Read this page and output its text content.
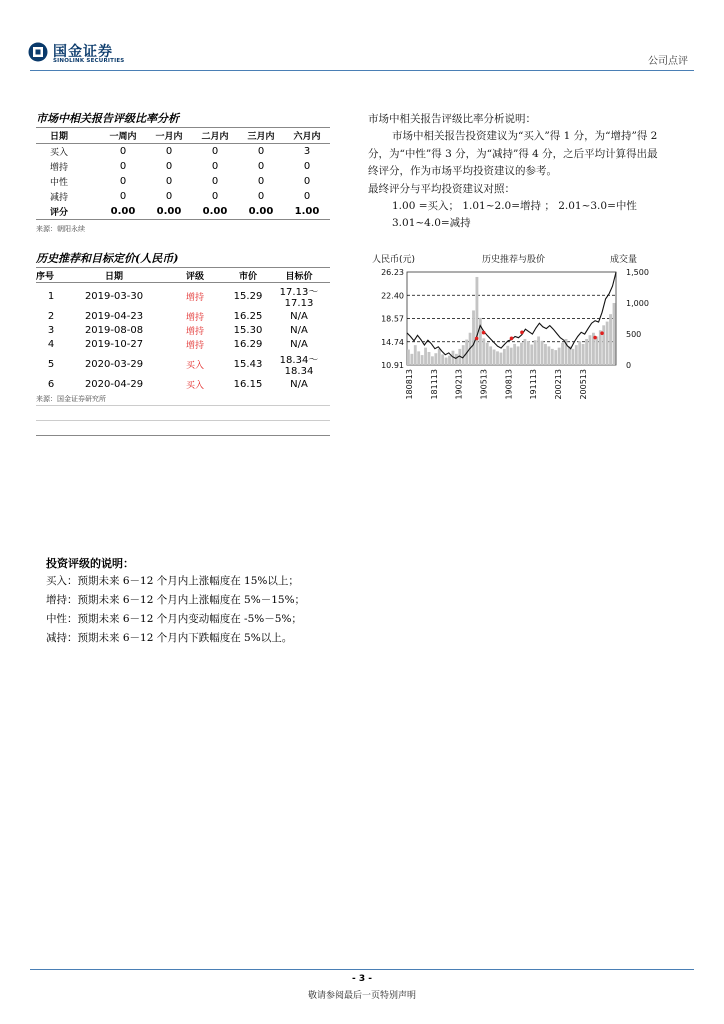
国金证券
SINOLINK SECURITIES	公司点评
市场中相关报告评级比率分析
日期	一周内	一月内	二月内	三月内	六月内
买入	0	0	0	0	3
增持	0	0	0	0	0
中性	0	0	0	0	0
减持	0	0	0	0	0
评分	0.00	0.00	0.00	0.00	1.00
来源：朝阳永续
历史推荐和目标定价(人民币)
序号	日期	评级	市价	目标价
1	2019-03-30	增持	15.29	17.13～17.13
2	2019-04-23	增持	16.25	N/A
3	2019-08-08	增持	15.30	N/A
4	2019-10-27	增持	16.29	N/A
5	2020-03-29	买入	15.43	18.34～18.34
6	2020-04-29	买入	16.15	N/A

来源：国金证券研究所

市场中相关报告评级比率分析说明：

市场中相关报告投资建议为“买入”得 1 分，为“增持”得 2 分，为“中性”得 3 分，为“减持”得 4 分，之后平均计算得出最终评分，作为市场平均投资建议的参考。

最终评分与平均投资建议对照：

1.00 =买入； 1.01~2.0=增持 ； 2.01~3.0=中性

3.01~4.0=减持

人民币(元)	历史推荐与股价	成交量
26.23
22.40
18.57
14.74
10.91
1,500
1,000
500
0
180813 181113 190213 190513 190813 191113 200213 200513
投资评级的说明：
买入：预期未来 6－12 个月内上涨幅度在 15%以上；
增持：预期未来 6－12 个月内上涨幅度在 5%－15%；
中性：预期未来 6－12 个月内变动幅度在 -5%－5%；
减持：预期未来 6－12 个月内下跌幅度在 5%以上。
- 3 -
敬请参阅最后一页特别声明
